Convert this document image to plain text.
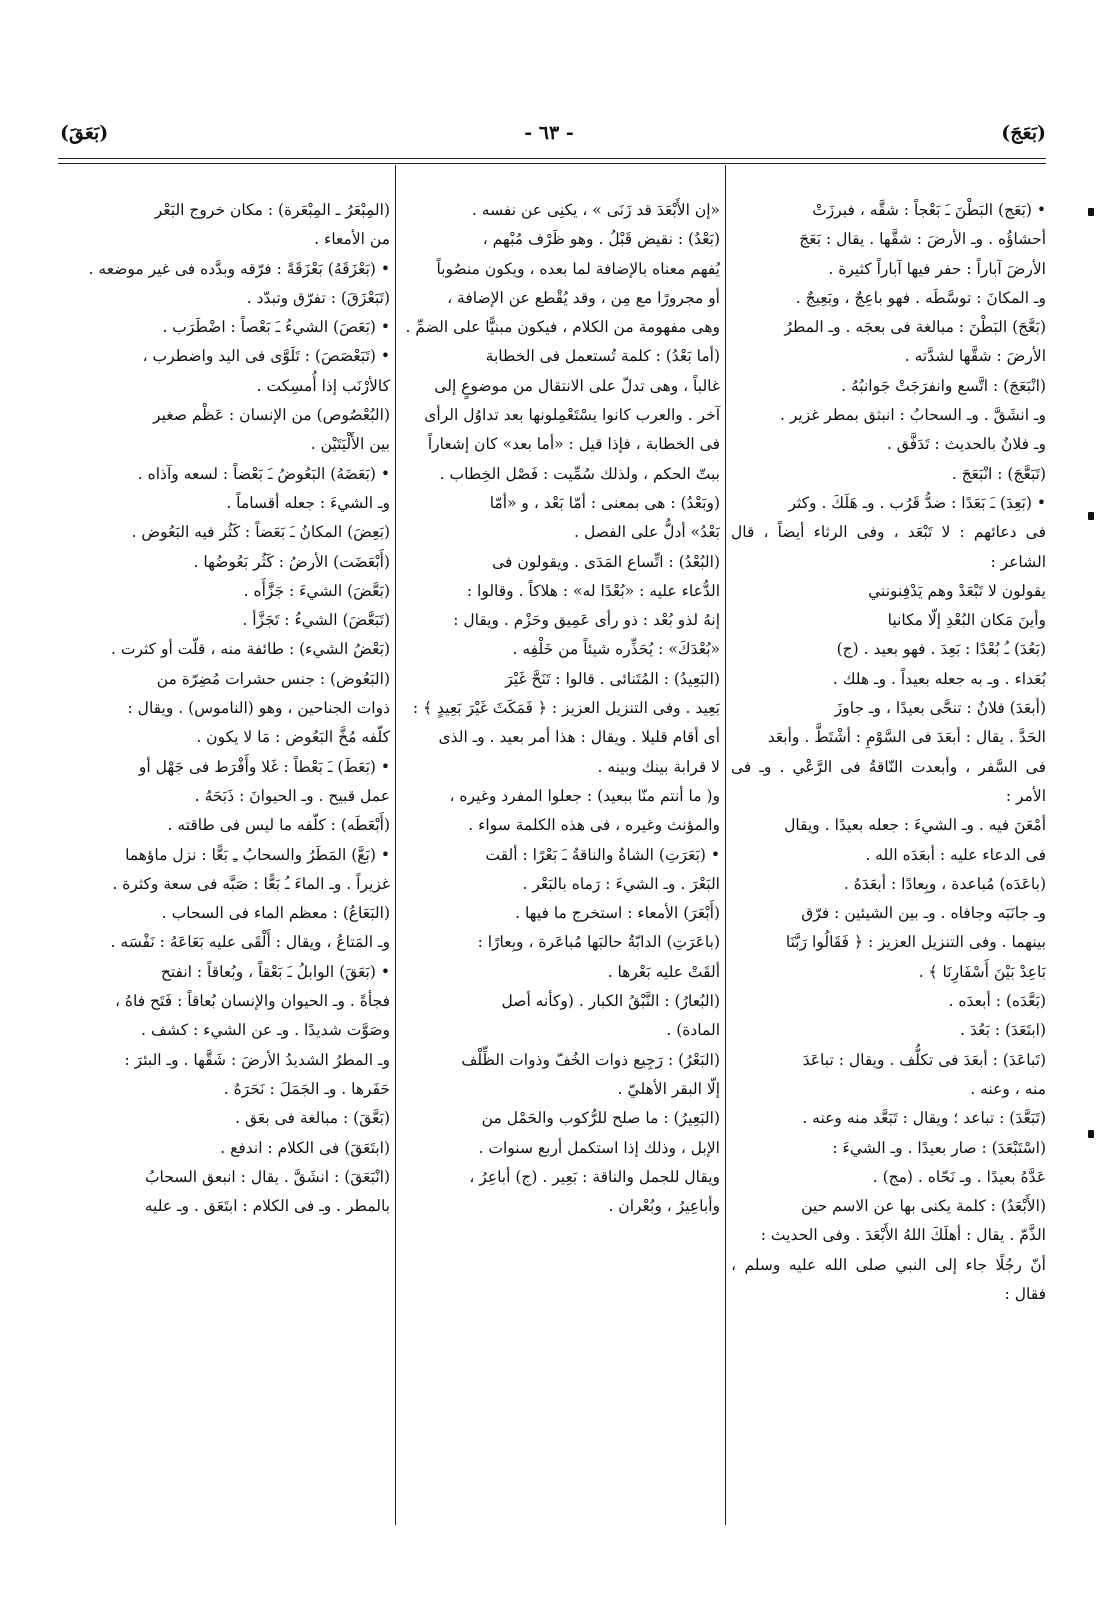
(بَعَجَ)
- ٦٣ -
(بَعَقَ)

• (بَعَج) البَطْنَ ـَ بَعْجاً : شقَّه ، فبرزَتْ

أحشاؤُه . وـ الأرضَ : شقَّها . يقال : بَعَجَ

الأرضَ آباراً : حفر فيها آباراً كثيرة .

وـ المكانَ : توسَّطَه . فهو باعِجٌ ، وبَعِيجٌ .

(بَعَّجَ) البَطْنَ : مبالغة فى بعجَه . وـ المطرُ

الأرضَ : شقَّها لشدَّته .

(انْبَعَجَ) : اتَّسع وانفرَجَتْ جَوانبُهُ .

وـ انشَقَّ . وـ السحابُ : انبثق بمطر غزير .

وـ فلانٌ بالحديث : تَدَفَّق .

(تَبَعَّجَ) : انْبَعَجَ .

• (بَعِدَ) ـَ بَعَدًا : ضدُّ قَرُب . وـ هَلَكَ . وكثر

فى دعائهم : لا تَبْعَد ، وفى الرثاء أيضاً ، قال الشاعر :

يقولون لا تَبْعَدْ وهم يَدْفِنونني

وأينَ مَكان البُعْدِ إلّا مكانيا

(بَعُدَ) ـُ بُعْدًا : بَعِدَ . فهو بعيد . (ج)

بُعَداء . وـ به جعله بعيداً . وـ هلك .

(أبعَدَ) فلانٌ : تنحَّى بعيدًا ، وـ جاوزَ

الحَدَّ . يقال : أبعَدَ فى السَّوْمِ : أشْتَطَّ . وأبعَد

فى السَّفر ، وأبعدت النّاقةُ فى الرَّعْي . وـ فى الأمر :

أمْعَنَ فيه . وـ الشيءَ : جعله بعيدًا . ويقال

فى الدعاء عليه : أبعَدَه الله .

(باعَدَه) مُباعدة ، وبِعادًا : أبعَدَهُ .

وـ جانَبَه وجافاه . وـ بين الشيئين : فرّق

بينهما . وفى التنزيل العزيز : ﴿ فَقَالُوا رَبَّنَا

بَاعِدْ بَيْنَ أَسْفَارِنَا ﴾ .

(بَعَّدَه) : أبعدَه .

(ابتَعَدَ) : بَعُدَ .

(تَباعَدَ) : أبعَدَ فى تكلُّف . ويقال : تباعَدَ

منه ، وعنه .

(تَبَعَّدَ) : تباعد ؛ ويقال : تَبَعَّد منه وعنه .

(اسْتَبْعَدَ) : صار بعيدًا . وـ الشيءَ :

عَدَّهُ بعيدًا . وـ نَحّاه . (مج) .

(الأَبْعَدُ) : كلمة يكنى بها عن الاسم حين

الذَّمّ . يقال : أهلَكَ اللهُ الأَبْعَدَ . وفى الحديث :

أنّ رجُلًا جاء إلى النبي صلى الله عليه وسلم ، فقال :

«إن الأَبْعَدَ قد زَنَى » ، يكنِى عن نفسه .

(بَعْدُ) : نقيض قَبْلُ . وهو ظَرْف مُبْهم ،

يُفهم معناه بالإضافة لما بعده ، ويكون منصُوباً

أو مجرورًا مع مِن ، وقد يُقْطع عن الإضافة ،

وهى مفهومة من الكلام ، فيكون مبنيًّا على الضمِّ .

(أما بَعْدُ) : كلمة تُستعمل فى الخطابة

غالباً ، وهى تدلّ على الانتقال من موضوعٍ إلى

آخر . والعرب كانوا يسْتَعْمِلونها بعد تداوُل الرأى

فى الخطابة ، فإذا قيل : «أما بعد» كان إشعاراً

ببتّ الحكم ، ولذلك سُمِّيت : فَصْل الخِطاب .

(وبَعْدُ) : هى بمعنى : أمّا بَعْد ، و «أمّا

بَعْدُ» أدلُّ على الفصل .

(البُعْدُ) : اتِّساع المَدَى . ويقولون فى

الدُّعاء عليه : «بُعْدًا له» : هلاكاً . وقالوا :

إنهُ لذو بُعْد : ذو رأى عَمِيق وحَزْم . ويقال :

«بُعْدَكَ» : يُحَذِّره شيئاً من خَلْفِه .

(البَعِيدُ) : المُتَنائى . قالوا : تَنَحَّ غَيْرَ

بَعِيد . وفى التنزيل العزيز : ﴿ فَمَكَثَ غَيْرَ بَعِيدٍ ﴾ :

أى أقام قليلا . ويقال : هذا أمر بعيد . وـ الذى

لا قرابة بينك وبينه .

و( ما أنتم منّا ببعيد) : جعلوا المفرد وغيره ،

والمؤنث وغيره ، فى هذه الكلمة سواء .

• (بَعَرَتِ) الشاةُ والناقةُ ـَ بَعْرًا : ألقت

البَعْرَ . وـ الشيءَ : رَماه بالبَعْر .

(أَبْعَرَ) الأمعاء : استخرج ما فيها .

(باعَرَتِ) الدابّةُ حالبَها مُباعَرة ، وبِعارًا :

ألقَتْ عليه بَعْرها .

(البُعارُ) : النَّبْقُ الكبار . (وكأنه أصل

المادة) .

(البَعْرُ) : رَجِيع ذوات الخُفّ وذوات الظِّلْف

إلّا البقر الأهليّ .

(البَعِيرُ) : ما صلح للرُّكوب والحَمْل من

الإبل ، وذلك إذا استكمل أربع سنوات .

ويقال للجمل والناقة : بَعِير . (ج) أباعِرُ ،

وأباعِيرُ ، وبُعْران .

(المِبْعَرُ ـ المِبْعَرة) : مكان خروج البَعْر

من الأمعاء .

• (بَعْزَقَهُ) بَعْزَقَةً : فرّقه وبدَّده فى غير موضعه .

(تَبَعْزَقَ) : تفرّق وتبدّد .

• (بَعَصَ) الشيءُ ـَ بَعْصاً : اضْطَرَب .

• (تَبَعْصَصَ) : تَلَوَّى فى اليد واضطرب ،

كالأرْنَب إذا أُمسِكت .

(البُعْصُوص) من الإنسان : عَظْم صغير

بين الأَلْيَتَيْن .

• (بَعَضَهُ) البَعُوضُ ـَ بَعْضاً : لسعه وآذاه .

وـ الشيءَ : جعله أقساماً .

(بَعِضَ) المكانُ ـَ بَعَضاً : كَثُر فيه البَعُوض .

(أَبْعَضَت) الأرضُ : كَثُر بَعُوضُها .

(بَعَّضَ) الشيءَ : جَزَّأَه .

(تَبَعَّضَ) الشيءُ : تَجَزَّأ .

(بَعْضُ الشيء) : طائفة منه ، قلّت أو كثرت .

(البَعُوض) : جنس حشرات مُضِرّة من

ذوات الجناحين ، وهو (الناموس) . ويقال :

كلّفه مُخَّ البَعُوض : مَا لا يكون .

• (بَعَطَ) ـَ بَعْطاً : غَلا وأَفْرَط فى جَهْل أو

عمل قبيح . وـ الحيوانَ : ذَبَحَهُ .

(أَبْعَطَه) : كلّفه ما ليس فى طاقته .

• (بَعَّ) المَطَرُ والسحابُ ـِ بَعًّا : نزل ماؤهما

غزيراً . وـ الماءَ ـُ بَعًّا : صَبَّه فى سعة وكثرة .

(البَعَاعُ) : معظم الماء فى السحاب .

وـ المَتاعُ ، ويقال : أَلْقَى عليه بَعَاعَهُ : نَفْسَه .

• (بَعَقَ) الوابلُ ـَ بَعْقاً ، وبُعاقاً : انفتح

فجأةً . وـ الحيوان والإنسان بُعاقاً : فَتَح فاهُ ،

وصَوَّت شديدًا . وـ عن الشيء : كشف .

وـ المطرُ الشديدُ الأرضَ : شَقَّها . وـ البئرَ :

حَفَرها . وـ الجَمَلَ : نَحَرَهُ .

(بَعَّقَ) : مبالغة فى بعَق .

(ابتَعَقَ) فى الكلام : اندفع .

(انْبَعَقَ) : انشَقَّ . يقال : انبعق السحابُ

بالمطر . وـ فى الكلام : ابتَعَق . وـ عليه
